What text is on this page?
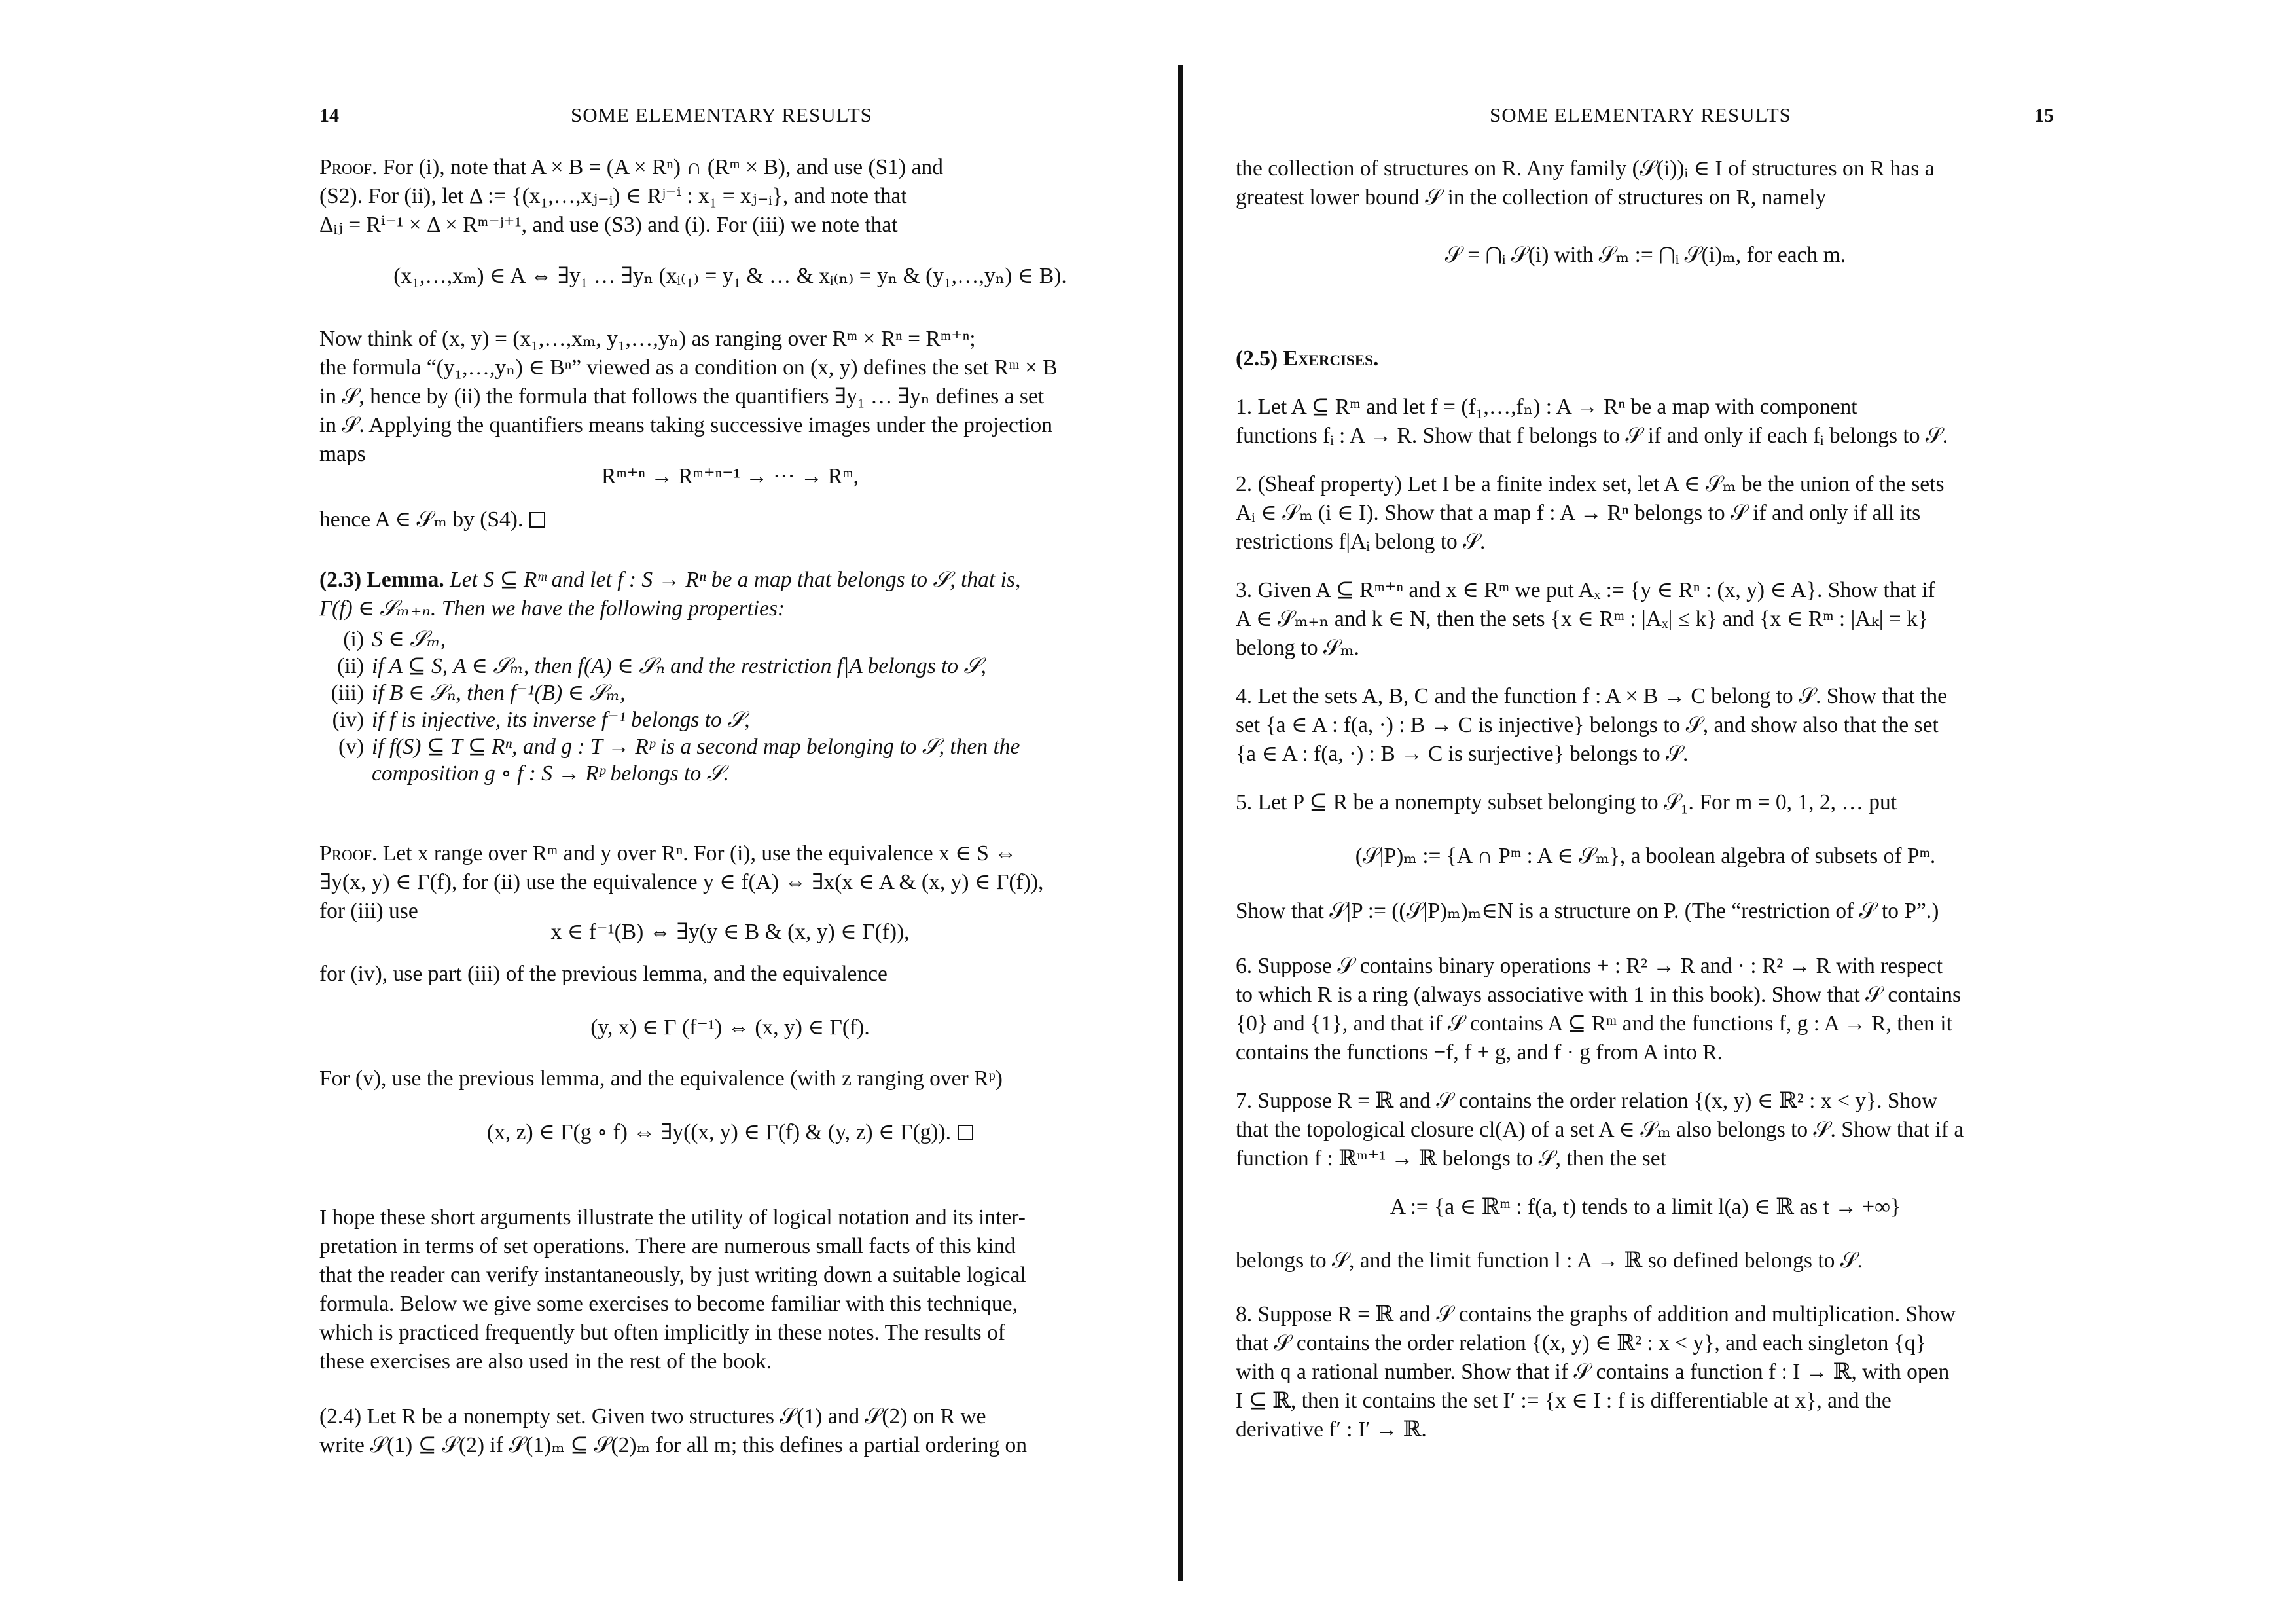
14	SOME ELEMENTARY RESULTS
Proof. For (i), note that A × B = (A × Rⁿ) ∩ (Rᵐ × B), and use (S1) and
(S2). For (ii), let Δ := {(x₁,…,xⱼ₋ᵢ) ∈ Rʲ⁻ⁱ : x₁ = xⱼ₋ᵢ}, and note that
Δᵢⱼ = Rⁱ⁻¹ × Δ × Rᵐ⁻ʲ⁺¹, and use (S3) and (i). For (iii) we note that
(x₁,…,xₘ) ∈ A ⇔ ∃y₁ … ∃yₙ (xᵢ₍₁₎ = y₁ & … & xᵢ₍ₙ₎ = yₙ & (y₁,…,yₙ) ∈ B).
Now think of (x, y) = (x₁,…,xₘ, y₁,…,yₙ) as ranging over Rᵐ × Rⁿ = Rᵐ⁺ⁿ;
the formula “(y₁,…,yₙ) ∈ Bⁿ” viewed as a condition on (x, y) defines the set Rᵐ × B
in 𝒮, hence by (ii) the formula that follows the quantifiers ∃y₁ … ∃yₙ defines a set
in 𝒮. Applying the quantifiers means taking successive images under the projection
maps
Rᵐ⁺ⁿ → Rᵐ⁺ⁿ⁻¹ → ··· → Rᵐ,
hence A ∈ 𝒮ₘ by (S4).
(2.3) Lemma. Let S ⊆ Rᵐ and let f : S → Rⁿ be a map that belongs to 𝒮, that is,
Γ(f) ∈ 𝒮ₘ₊ₙ. Then we have the following properties:
(i) S ∈ 𝒮ₘ,
(ii) if A ⊆ S, A ∈ 𝒮ₘ, then f(A) ∈ 𝒮ₙ and the restriction f|A belongs to 𝒮,
(iii) if B ∈ 𝒮ₙ, then f⁻¹(B) ∈ 𝒮ₘ,
(iv) if f is injective, its inverse f⁻¹ belongs to 𝒮,
(v) if f(S) ⊆ T ⊆ Rⁿ, and g : T → Rᵖ is a second map belonging to 𝒮, then the
composition g ∘ f : S → Rᵖ belongs to 𝒮.
Proof. Let x range over Rᵐ and y over Rⁿ. For (i), use the equivalence x ∈ S ⇔
∃y(x, y) ∈ Γ(f), for (ii) use the equivalence y ∈ f(A) ⇔ ∃x(x ∈ A & (x, y) ∈ Γ(f)),
for (iii) use
x ∈ f⁻¹(B) ⇔ ∃y(y ∈ B & (x, y) ∈ Γ(f)),
for (iv), use part (iii) of the previous lemma, and the equivalence
(y, x) ∈ Γ (f⁻¹) ⇔ (x, y) ∈ Γ(f).
For (v), use the previous lemma, and the equivalence (with z ranging over Rᵖ)
(x, z) ∈ Γ(g ∘ f) ⇔ ∃y((x, y) ∈ Γ(f) & (y, z) ∈ Γ(g)).
I hope these short arguments illustrate the utility of logical notation and its inter-
pretation in terms of set operations. There are numerous small facts of this kind
that the reader can verify instantaneously, by just writing down a suitable logical
formula. Below we give some exercises to become familiar with this technique,
which is practiced frequently but often implicitly in these notes. The results of
these exercises are also used in the rest of the book.
(2.4) Let R be a nonempty set. Given two structures 𝒮(1) and 𝒮(2) on R we
write 𝒮(1) ⊆ 𝒮(2) if 𝒮(1)ₘ ⊆ 𝒮(2)ₘ for all m; this defines a partial ordering on
SOME ELEMENTARY RESULTS	15
the collection of structures on R. Any family (𝒮(i))ᵢ ∈ I of structures on R has a
greatest lower bound 𝒮 in the collection of structures on R, namely
𝒮 = ⋂ᵢ 𝒮(i) with 𝒮ₘ := ⋂ᵢ 𝒮(i)ₘ, for each m.
(2.5) Exercises.
1. Let A ⊆ Rᵐ and let f = (f₁,…,fₙ) : A → Rⁿ be a map with component
functions fᵢ : A → R. Show that f belongs to 𝒮 if and only if each fᵢ belongs to 𝒮.
2. (Sheaf property) Let I be a finite index set, let A ∈ 𝒮ₘ be the union of the sets
Aᵢ ∈ 𝒮ₘ (i ∈ I). Show that a map f : A → Rⁿ belongs to 𝒮 if and only if all its
restrictions f|Aᵢ belong to 𝒮.
3. Given A ⊆ Rᵐ⁺ⁿ and x ∈ Rᵐ we put Aₓ := {y ∈ Rⁿ : (x, y) ∈ A}. Show that if
A ∈ 𝒮ₘ₊ₙ and k ∈ N, then the sets {x ∈ Rᵐ : |Aₓ| ≤ k} and {x ∈ Rᵐ : |Aₖ| = k}
belong to 𝒮ₘ.
4. Let the sets A, B, C and the function f : A × B → C belong to 𝒮. Show that the
set {a ∈ A : f(a, ·) : B → C is injective} belongs to 𝒮, and show also that the set
{a ∈ A : f(a, ·) : B → C is surjective} belongs to 𝒮.
5. Let P ⊆ R be a nonempty subset belonging to 𝒮₁. For m = 0, 1, 2, … put
(𝒮|P)ₘ := {A ∩ Pᵐ : A ∈ 𝒮ₘ}, a boolean algebra of subsets of Pᵐ.
Show that 𝒮|P := ((𝒮|P)ₘ)ₘ∈N is a structure on P. (The “restriction of 𝒮 to P”.)
6. Suppose 𝒮 contains binary operations + : R² → R and · : R² → R with respect
to which R is a ring (always associative with 1 in this book). Show that 𝒮 contains
{0} and {1}, and that if 𝒮 contains A ⊆ Rᵐ and the functions f, g : A → R, then it
contains the functions −f, f + g, and f · g from A into R.
7. Suppose R = ℝ and 𝒮 contains the order relation {(x, y) ∈ ℝ² : x < y}. Show
that the topological closure cl(A) of a set A ∈ 𝒮ₘ also belongs to 𝒮. Show that if a
function f : ℝᵐ⁺¹ → ℝ belongs to 𝒮, then the set
A := {a ∈ ℝᵐ : f(a, t) tends to a limit l(a) ∈ ℝ as t → +∞}
belongs to 𝒮, and the limit function l : A → ℝ so defined belongs to 𝒮.
8. Suppose R = ℝ and 𝒮 contains the graphs of addition and multiplication. Show
that 𝒮 contains the order relation {(x, y) ∈ ℝ² : x < y}, and each singleton {q}
with q a rational number. Show that if 𝒮 contains a function f : I → ℝ, with open
I ⊆ ℝ, then it contains the set I′ := {x ∈ I : f is differentiable at x}, and the
derivative f′ : I′ → ℝ.
